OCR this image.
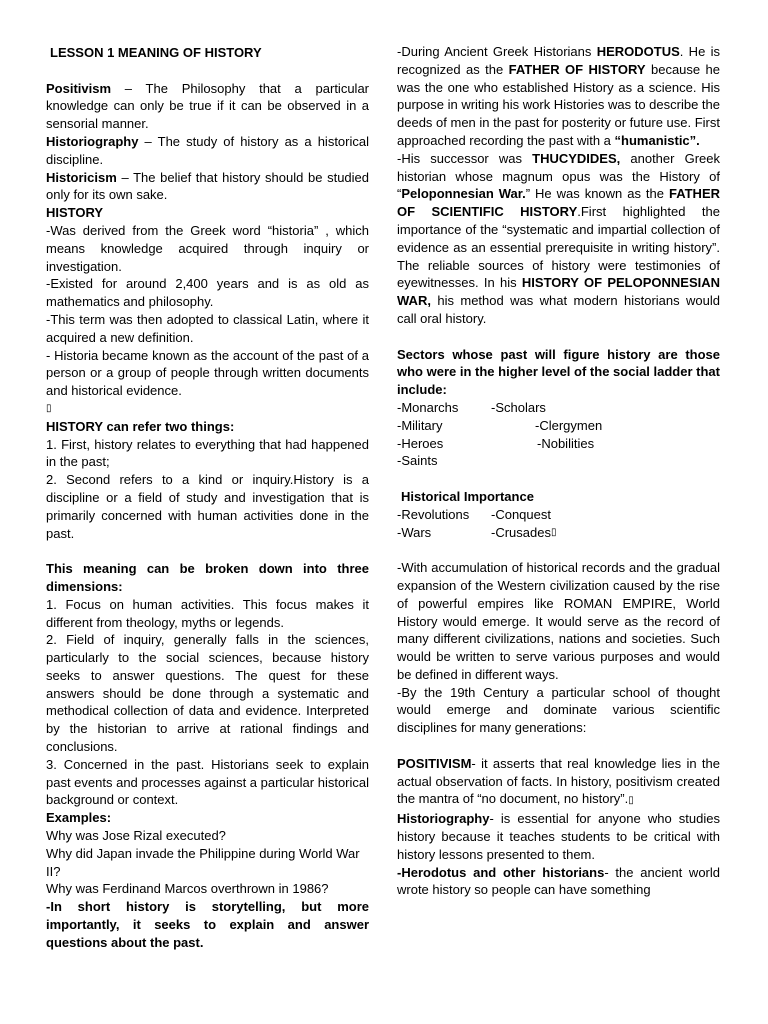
LESSON 1 MEANING OF HISTORY

Positivism – The Philosophy that a particular knowledge can only be true if it can be observed in a sensorial manner.

Historiography – The study of history as a historical discipline.

Historicism – The belief that history should be studied only for its own sake.

HISTORY

-Was derived from the Greek word “historia” , which means knowledge acquired through inquiry or investigation.

-Existed for around 2,400 years and is as old as mathematics and philosophy.

-This term was then adopted to classical Latin, where it acquired a new definition.

- Historia became known as the account of the past of a person or a group of people through written documents and historical evidence.

▯

HISTORY can refer two things:

1. First, history relates to everything that had happened in the past;

2. Second refers to a kind or inquiry.History is a discipline or a field of study and investigation that is primarily concerned with human activities done in the past.

This meaning can be broken down into three dimensions:

1. Focus on human activities. This focus makes it different from theology, myths or legends.

2. Field of inquiry, generally falls in the sciences, particularly to the social sciences, because history seeks to answer questions. The quest for these answers should be done through a systematic and methodical collection of data and evidence. Interpreted by the historian to arrive at rational findings and conclusions.

3. Concerned in the past. Historians seek to explain past events and processes against a particular historical background or context.

Examples:

Why was Jose Rizal executed?

Why did Japan invade the Philippine during World War II?

Why was Ferdinand Marcos overthrown in 1986?

-In short history is storytelling, but more importantly, it seeks to explain and answer questions about the past.

-During Ancient Greek Historians HERODOTUS. He is recognized as the FATHER OF HISTORY because he was the one who established History as a science. His purpose in writing his work Histories was to describe the deeds of men in the past for posterity or future use. First approached recording the past with a “humanistic”.

-His successor was THUCYDIDES, another Greek historian whose magnum opus was the History of “Peloponnesian War.” He was known as the FATHER OF SCIENTIFIC HISTORY.First highlighted the importance of the “systematic and impartial collection of evidence as an essential prerequisite in writing history”. The reliable sources of history were testimonies of eyewitnesses. In his HISTORY OF PELOPONNESIAN WAR, his method was what modern historians would call oral history.

Sectors whose past will figure history are those who were in the higher level of the social ladder that include:

-Monarchs	-Scholars
-Military	-Clergymen
-Heroes	-Nobilities
-Saints

Historical Importance

-Revolutions	-Conquest
-Wars	-Crusades ▯

-With accumulation of historical records and the gradual expansion of the Western civilization caused by the rise of powerful empires like ROMAN EMPIRE, World History would emerge. It would serve as the record of many different civilizations, nations and societies. Such would be written to serve various purposes and would be defined in different ways.

-By the 19th Century a particular school of thought would emerge and dominate various scientific disciplines for many generations:

POSITIVISM- it asserts that real knowledge lies in the actual observation of facts. In history, positivism created the mantra of “no document, no history”.▯

Historiography- is essential for anyone who studies history because it teaches students to be critical with history lessons presented to them.

-Herodotus and other historians- the ancient world wrote history so people can have something
